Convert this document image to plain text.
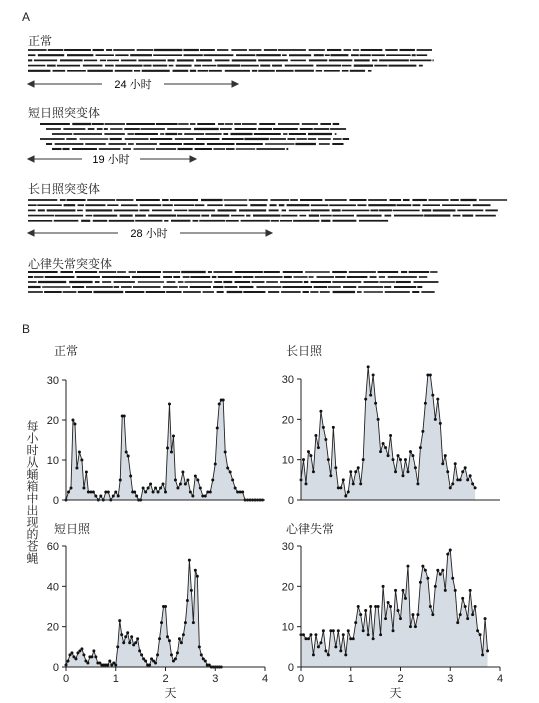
A
正常
短日照突变体
长日照突变体
心律失常突变体
24 小时
19 小时
28 小时
B
每小时从蛹箱中出现的苍蝇
正常	长日照
短日照	心律失常
0
10
20
30
0
10
20
30
0
20
40
60
0	1	2	3	4
天
0
10
20
30
0	1	2	3	4
天
